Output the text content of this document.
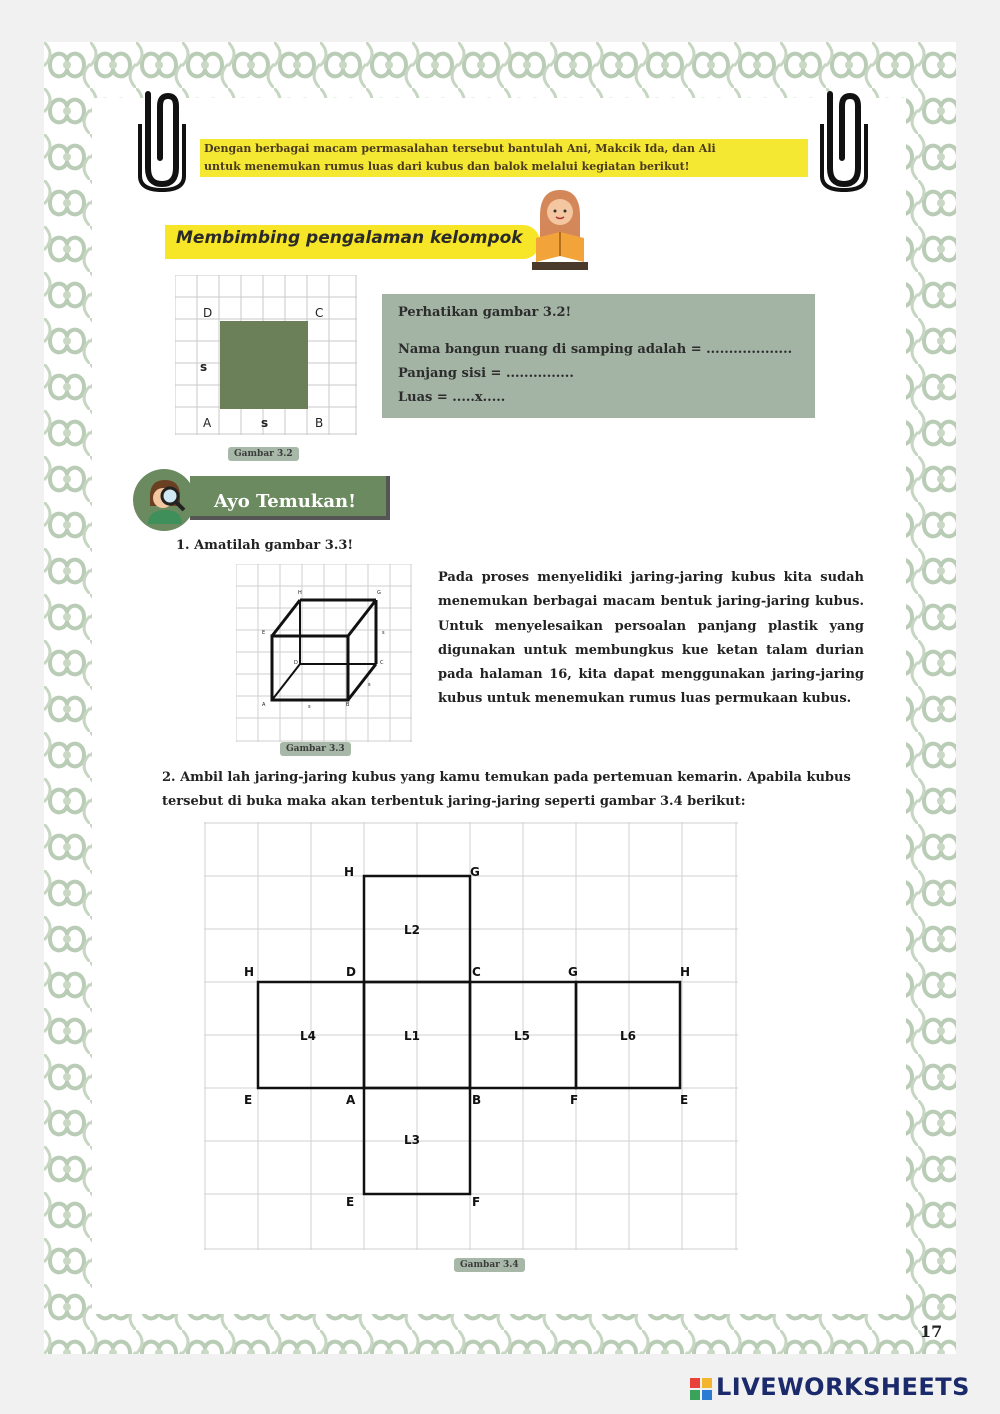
Dengan berbagai macam permasalahan tersebut bantulah Ani, Makcik Ida, dan Ali
untuk menemukan rumus luas dari kubus dan balok melalui kegiatan berikut!
Membimbing pengalaman kelompok
D	C
A	B
s
s
Gambar 3.2
Perhatikan gambar 3.2!
Nama bangun ruang di samping adalah = ...................
Panjang sisi = ...............
Luas = .....x.....
Ayo Temukan!
1. Amatilah gambar 3.3!
H	G
E	F
D	C
A	B
s
s
s
Gambar 3.3
Pada proses menyelidiki jaring-jaring kubus kita sudah menemukan berbagai macam bentuk jaring-jaring kubus. Untuk menyelesaikan persoalan panjang plastik yang digunakan untuk membungkus kue ketan talam durian pada halaman 16, kita dapat menggunakan jaring-jaring kubus untuk menemukan rumus luas permukaan kubus.
2. Ambil lah jaring-jaring kubus yang kamu temukan pada pertemuan kemarin. Apabila kubus tersebut di buka maka akan terbentuk jaring-jaring seperti gambar 3.4 berikut:
H	G
H	D	C	G	H
E	A	B	F	E
E	F
L2
L4	L1	L5	L6
L3
Gambar 3.4
17
LIVEWORKSHEETS
